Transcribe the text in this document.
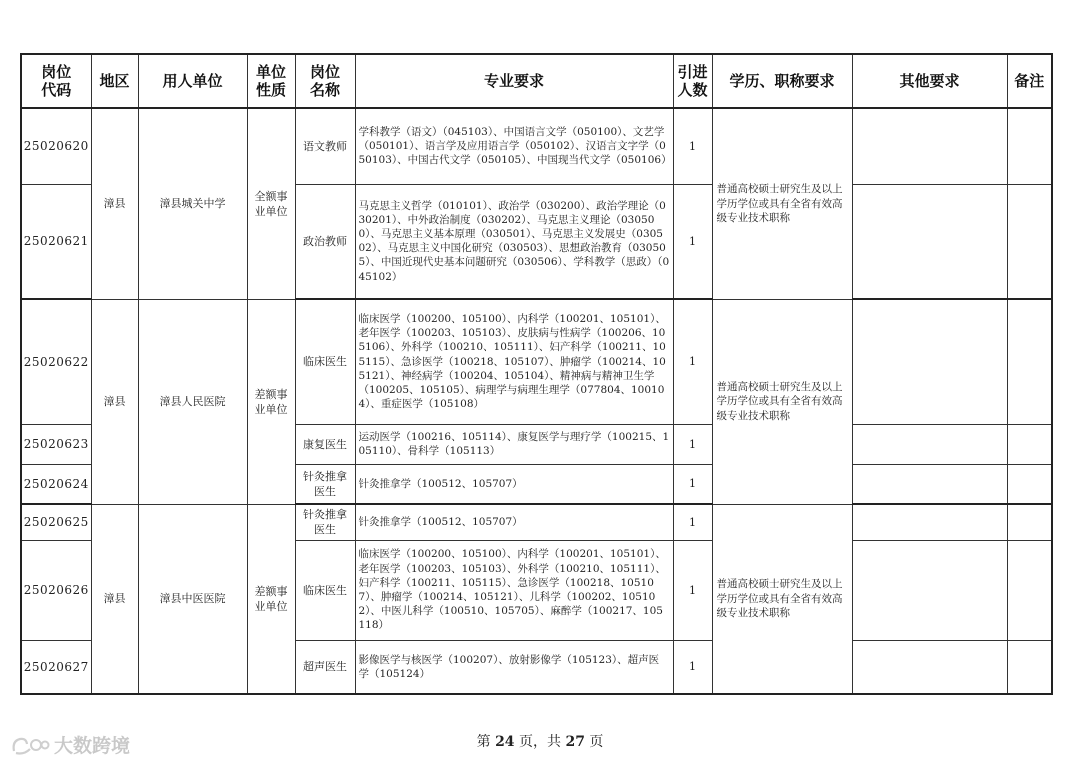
岗位代码	地区	用人单位	单位性质	岗位名称	专业要求	引进人数	学历、职称要求	其他要求	备注
25020620	漳县	漳县城关中学	全额事业单位	语文教师	学科教学（语文）（045103）、中国语言文学（050100）、文艺学（050101）、语言学及应用语言学（050102）、汉语言文字学（050103）、中国古代文学（050105）、中国现当代文学（050106）	1	普通高校硕士研究生及以上学历学位或具有全省有效高级专业技术职称		
25020621				政治教师	马克思主义哲学（010101）、政治学（030200）、政治学理论（030201）、中外政治制度（030202）、马克思主义理论（030500）、马克思主义基本原理（030501）、马克思主义发展史（030502）、马克思主义中国化研究（030503）、思想政治教育（030505）、中国近现代史基本问题研究（030506）、学科教学（思政）（045102）	1			
25020622	漳县	漳县人民医院	差额事业单位	临床医生	临床医学（100200、105100）、内科学（100201、105101）、老年医学（100203、105103）、皮肤病与性病学（100206、105106）、外科学（100210、105111）、妇产科学（100211、105115）、急诊医学（100218、105107）、肿瘤学（100214、105121）、神经病学（100204、105104）、精神病与精神卫生学（100205、105105）、病理学与病理生理学（077804、100104）、重症医学（105108）	1	普通高校硕士研究生及以上学历学位或具有全省有效高级专业技术职称		
25020623				康复医生	运动医学（100216、105114）、康复医学与理疗学（100215、105110）、骨科学（105113）	1			
25020624				针灸推拿医生	针灸推拿学（100512、105707）	1			
25020625	漳县	漳县中医医院	差额事业单位	针灸推拿医生	针灸推拿学（100512、105707）	1	普通高校硕士研究生及以上学历学位或具有全省有效高级专业技术职称		
25020626				临床医生	临床医学（100200、105100）、内科学（100201、105101）、老年医学（100203、105103）、外科学（100210、105111）、妇产科学（100211、105115）、急诊医学（100218、105107）、肿瘤学（100214、105121）、儿科学（100202、105102）、中医儿科学（100510、105705）、麻醉学（100217、105118）	1			
25020627				超声医生	影像医学与核医学（100207）、放射影像学（105123）、超声医学（105124）	1			
大数跨境	第 24 页，共 27 页
